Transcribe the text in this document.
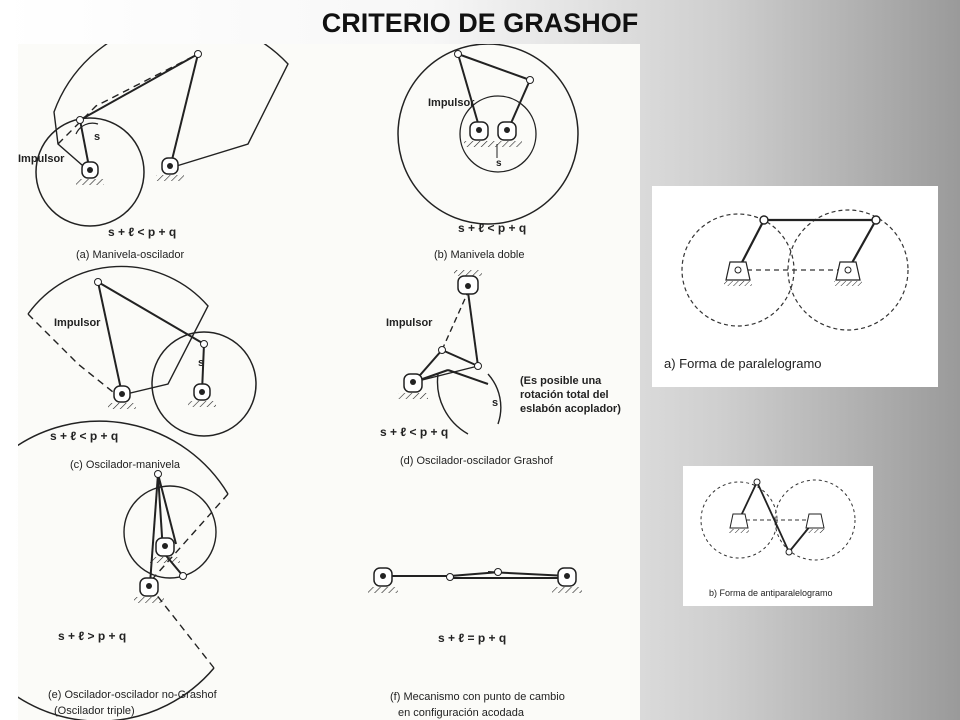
CRITERIO DE GRASHOF
Impulsor
s
s + ℓ < p + q
(a) Manivela-oscilador
Impulsor
s
s + ℓ < p + q
(b) Manivela doble
Impulsor
s
s + ℓ < p + q
(c) Oscilador-manivela
Impulsor
s
(Es posible una
rotación total del
eslabón acoplador)
s + ℓ < p + q
(d) Oscilador-oscilador Grashof
s + ℓ > p + q
(e) Oscilador-oscilador no-Grashof
(Oscilador triple)
s + ℓ = p + q
(f) Mecanismo con punto de cambio
en configuración acodada
a) Forma de paralelogramo
b) Forma de antiparalelogramo
